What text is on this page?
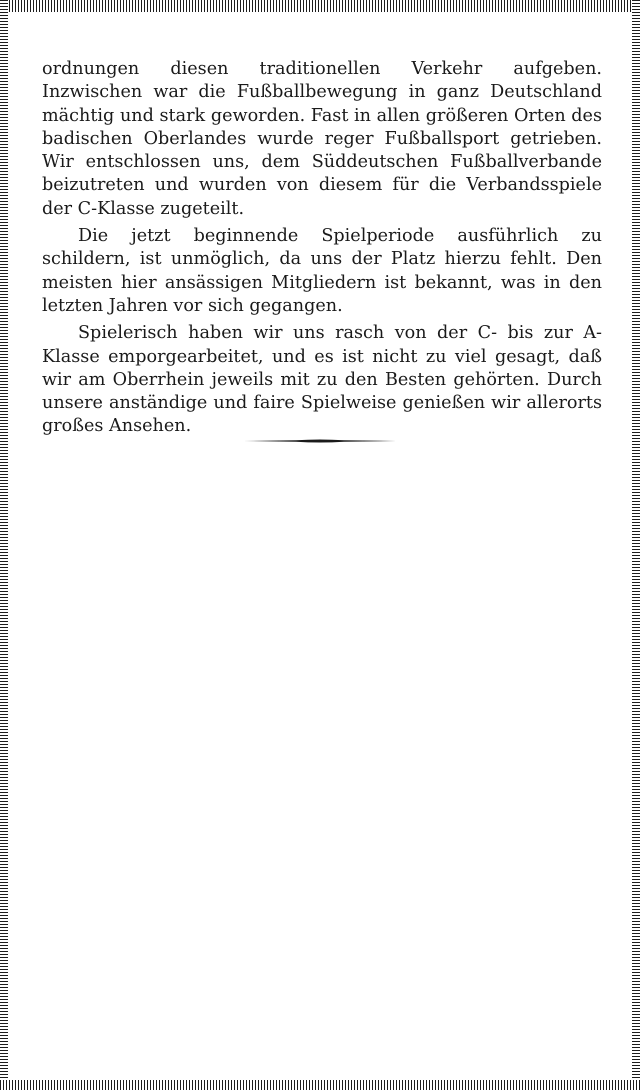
ordnungen diesen traditionellen Verkehr aufgeben. Inzwischen war die Fußballbewegung in ganz Deutschland mächtig und stark geworden. Fast in allen größeren Orten des badischen Oberlandes wurde reger Fußballsport getrieben. Wir entschlossen uns, dem Süddeutschen Fußballverbande beizutreten und wurden von diesem für die Verbandsspiele der C-Klasse zugeteilt.

Die jetzt beginnende Spielperiode ausführlich zu schildern, ist unmöglich, da uns der Platz hierzu fehlt. Den meisten hier ansässigen Mitgliedern ist bekannt, was in den letzten Jahren vor sich gegangen.

Spielerisch haben wir uns rasch von der C- bis zur A-Klasse emporgearbeitet, und es ist nicht zu viel gesagt, daß wir am Oberrhein jeweils mit zu den Besten gehörten. Durch unsere anständige und faire Spielweise genießen wir allerorts großes Ansehen.
